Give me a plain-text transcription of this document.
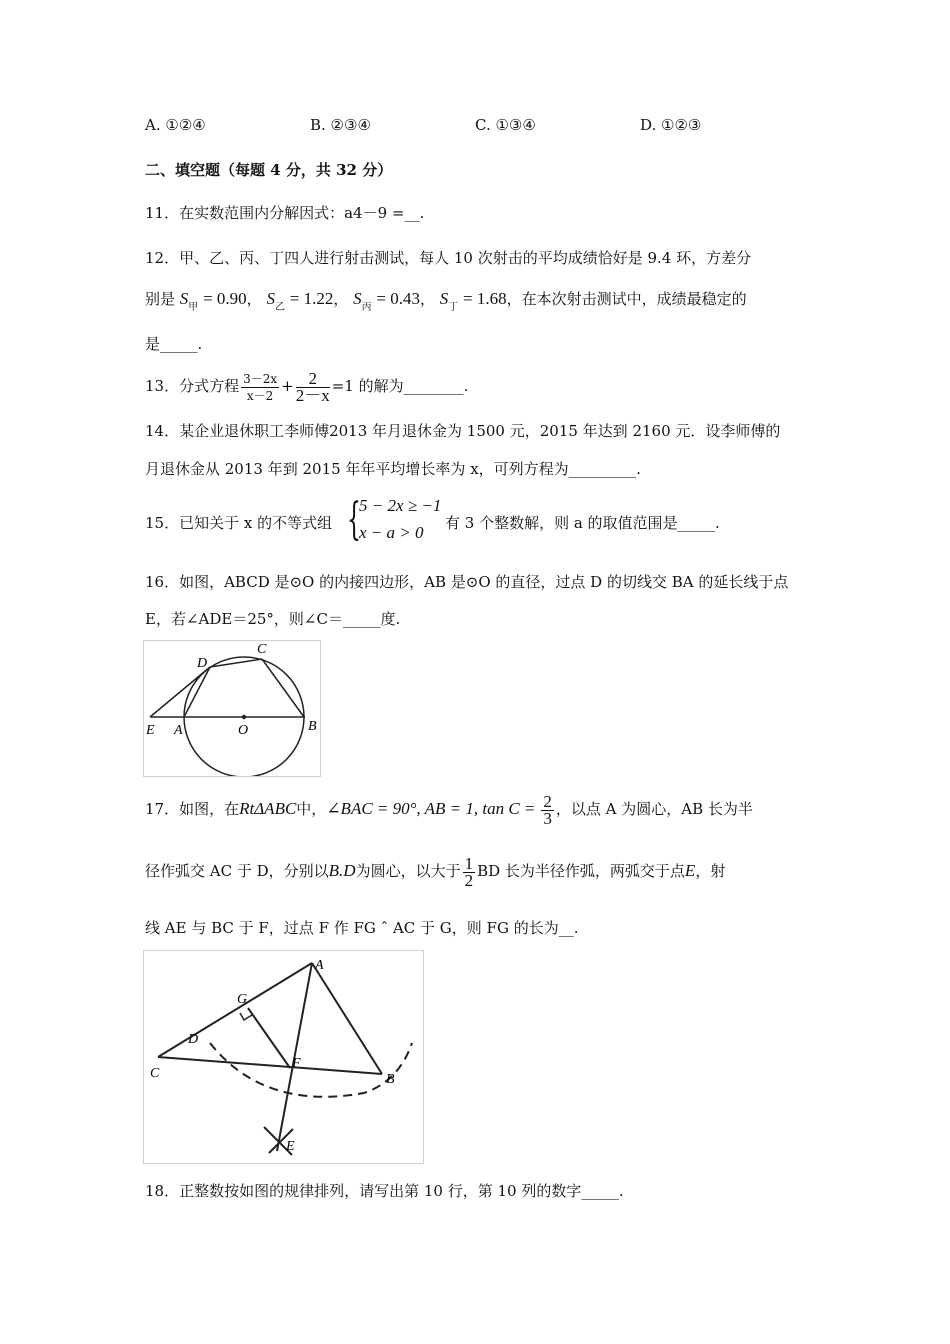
A. ①②④	B. ②③④	C. ①③④	D. ①②③
二、填空题（每题 4 分，共 32 分）
11．在实数范围内分解因式：a4－9 =__.
12．甲、乙、丙、丁四人进行射击测试，每人 10 次射击的平均成绩恰好是 9.4 环，方差分
别是 $S_甲 = 0.90$， $S_乙 = 1.22$， $S_丙 = 0.43$， $S_丁 = 1.68$，在本次射击测试中，成绩最稳定的
是_____.
13．分式方程 $\frac{3-2x}{x-2} + \frac{2}{2-x} =1$ 的解为________.
14．某企业退休职工李师傅2013 年月退休金为 1500 元，2015 年达到 2160 元．设李师傅的
月退休金从 2013 年到 2015 年年平均增长率为 x，可列方程为_________.
15．已知关于 x 的不等式组 {
5 − 2x ≥ −1
x − a > 0 有 3 个整数解，则 a 的取值范围是_____.
16．如图，ABCD 是⊙O 的内接四边形，AB 是⊙O 的直径，过点 D 的切线交 BA 的延长线于点
E，若∠ADE＝25°，则∠C＝_____度.
D
C
E A	O	B
17．如图，在RtΔABC中，∠BAC = 90°, AB = 1, $\tan C = \frac{2}{3}$ ，以点 A 为圆心，AB 长为半
径作弧交 AC 于 D，分别以B.D为圆心，以大于 $\frac{1}{2}$ BD 长为半径作弧，两弧交于点E，射
线 AE 与 BC 于 F，过点 F 作 FG ˆ AC 于 G，则 FG 的长为__.
A
G
D
C
F
B
E
18．正整数按如图的规律排列，请写出第 10 行，第 10 列的数字_____.
